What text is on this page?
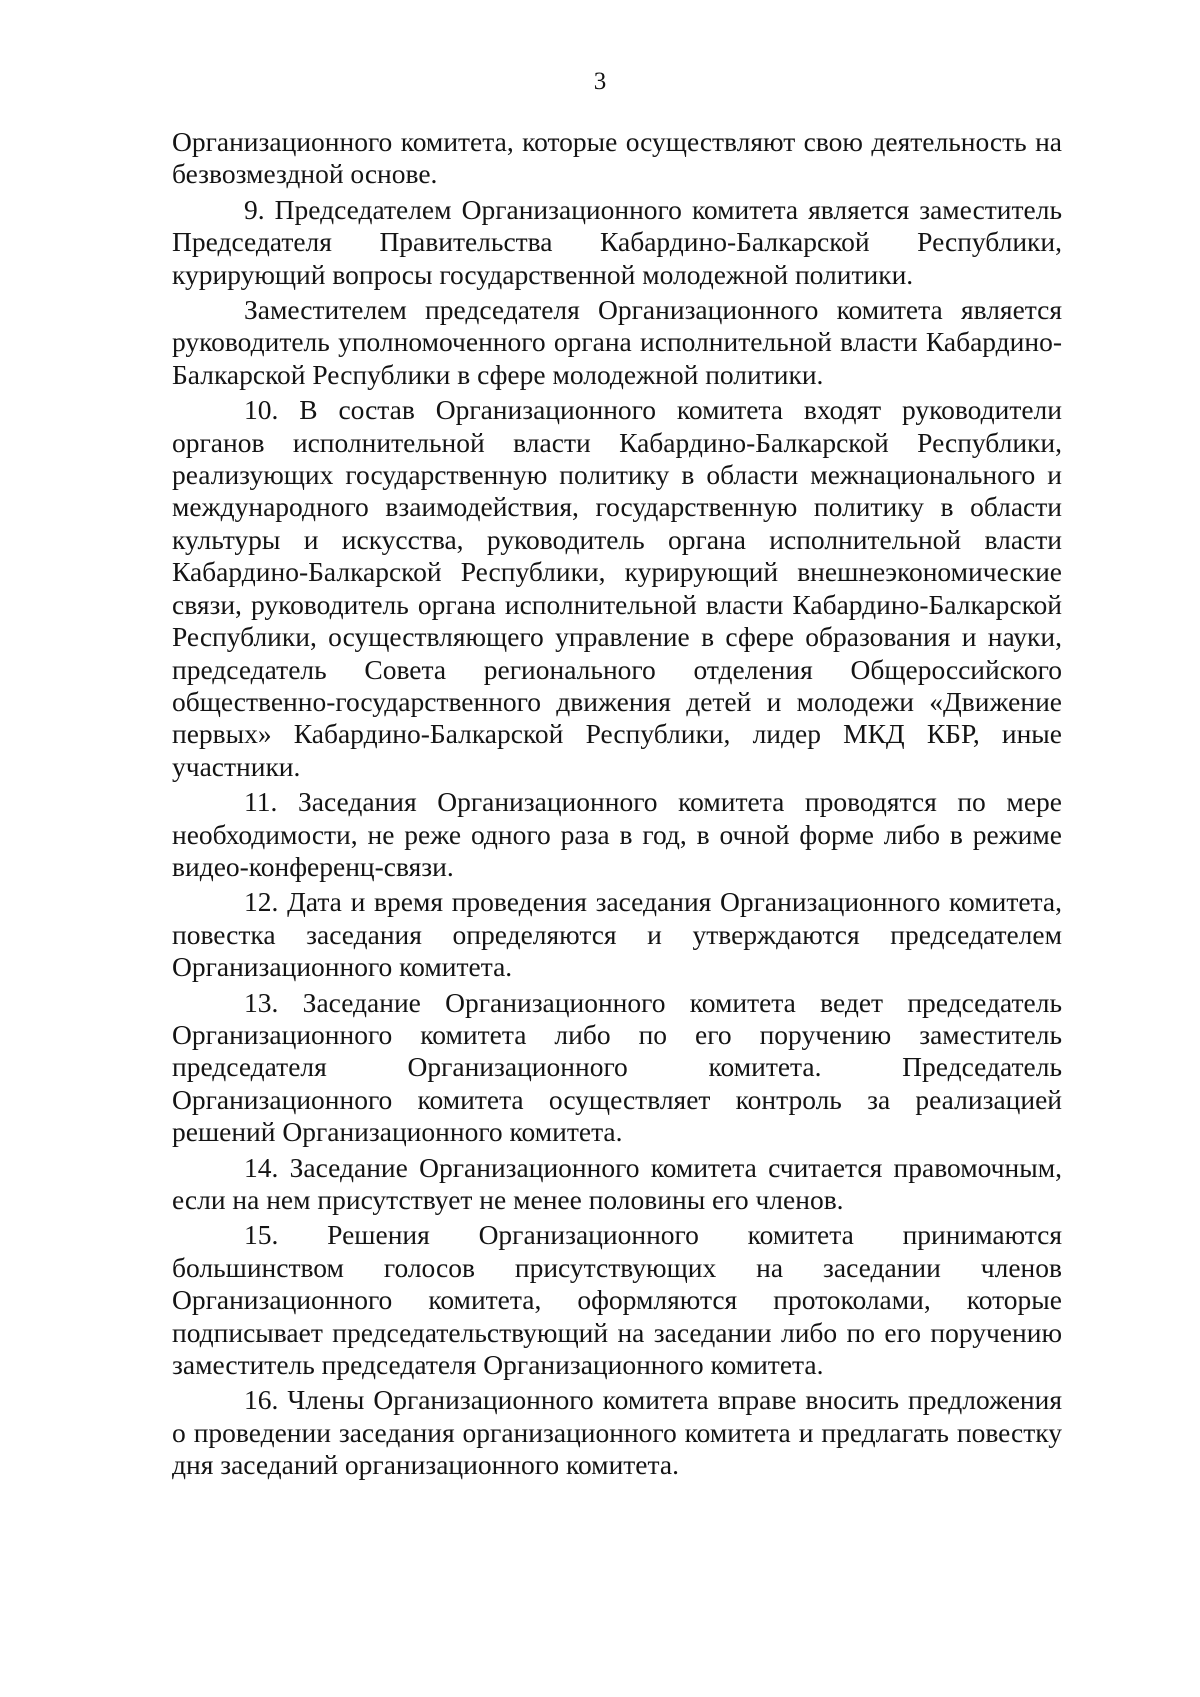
3

Организационного комитета, которые осуществляют свою деятельность на безвозмездной основе.

9. Председателем Организационного комитета является заместитель Председателя Правительства Кабардино-Балкарской Республики, курирующий вопросы государственной молодежной политики.

Заместителем председателя Организационного комитета является руководитель уполномоченного органа исполнительной власти Кабардино-Балкарской Республики в сфере молодежной политики.

10. В состав Организационного комитета входят руководители органов исполнительной власти Кабардино-Балкарской Республики, реализующих государственную политику в области межнационального и международного взаимодействия, государственную политику в области культуры и искусства, руководитель органа исполнительной власти Кабардино-Балкарской Республики, курирующий внешнеэкономические связи, руководитель органа исполнительной власти Кабардино-Балкарской Республики, осуществляющего управление в сфере образования и науки, председатель Совета регионального отделения Общероссийского общественно-государственного движения детей и молодежи «Движение первых» Кабардино-Балкарской Республики, лидер МКД КБР, иные участники.

11. Заседания Организационного комитета проводятся по мере необходимости, не реже одного раза в год, в очной форме либо в режиме видео-конференц-связи.

12. Дата и время проведения заседания Организационного комитета, повестка заседания определяются и утверждаются председателем Организационного комитета.

13. Заседание Организационного комитета ведет председатель Организационного комитета либо по его поручению заместитель председателя Организационного комитета. Председатель Организационного комитета осуществляет контроль за реализацией решений Организационного комитета.

14. Заседание Организационного комитета считается правомочным, если на нем присутствует не менее половины его членов.

15. Решения Организационного комитета принимаются большинством голосов присутствующих на заседании членов Организационного комитета, оформляются протоколами, которые подписывает председательствующий на заседании либо по его поручению заместитель председателя Организационного комитета.

16. Члены Организационного комитета вправе вносить предложения о проведении заседания организационного комитета и предлагать повестку дня заседаний организационного комитета.
